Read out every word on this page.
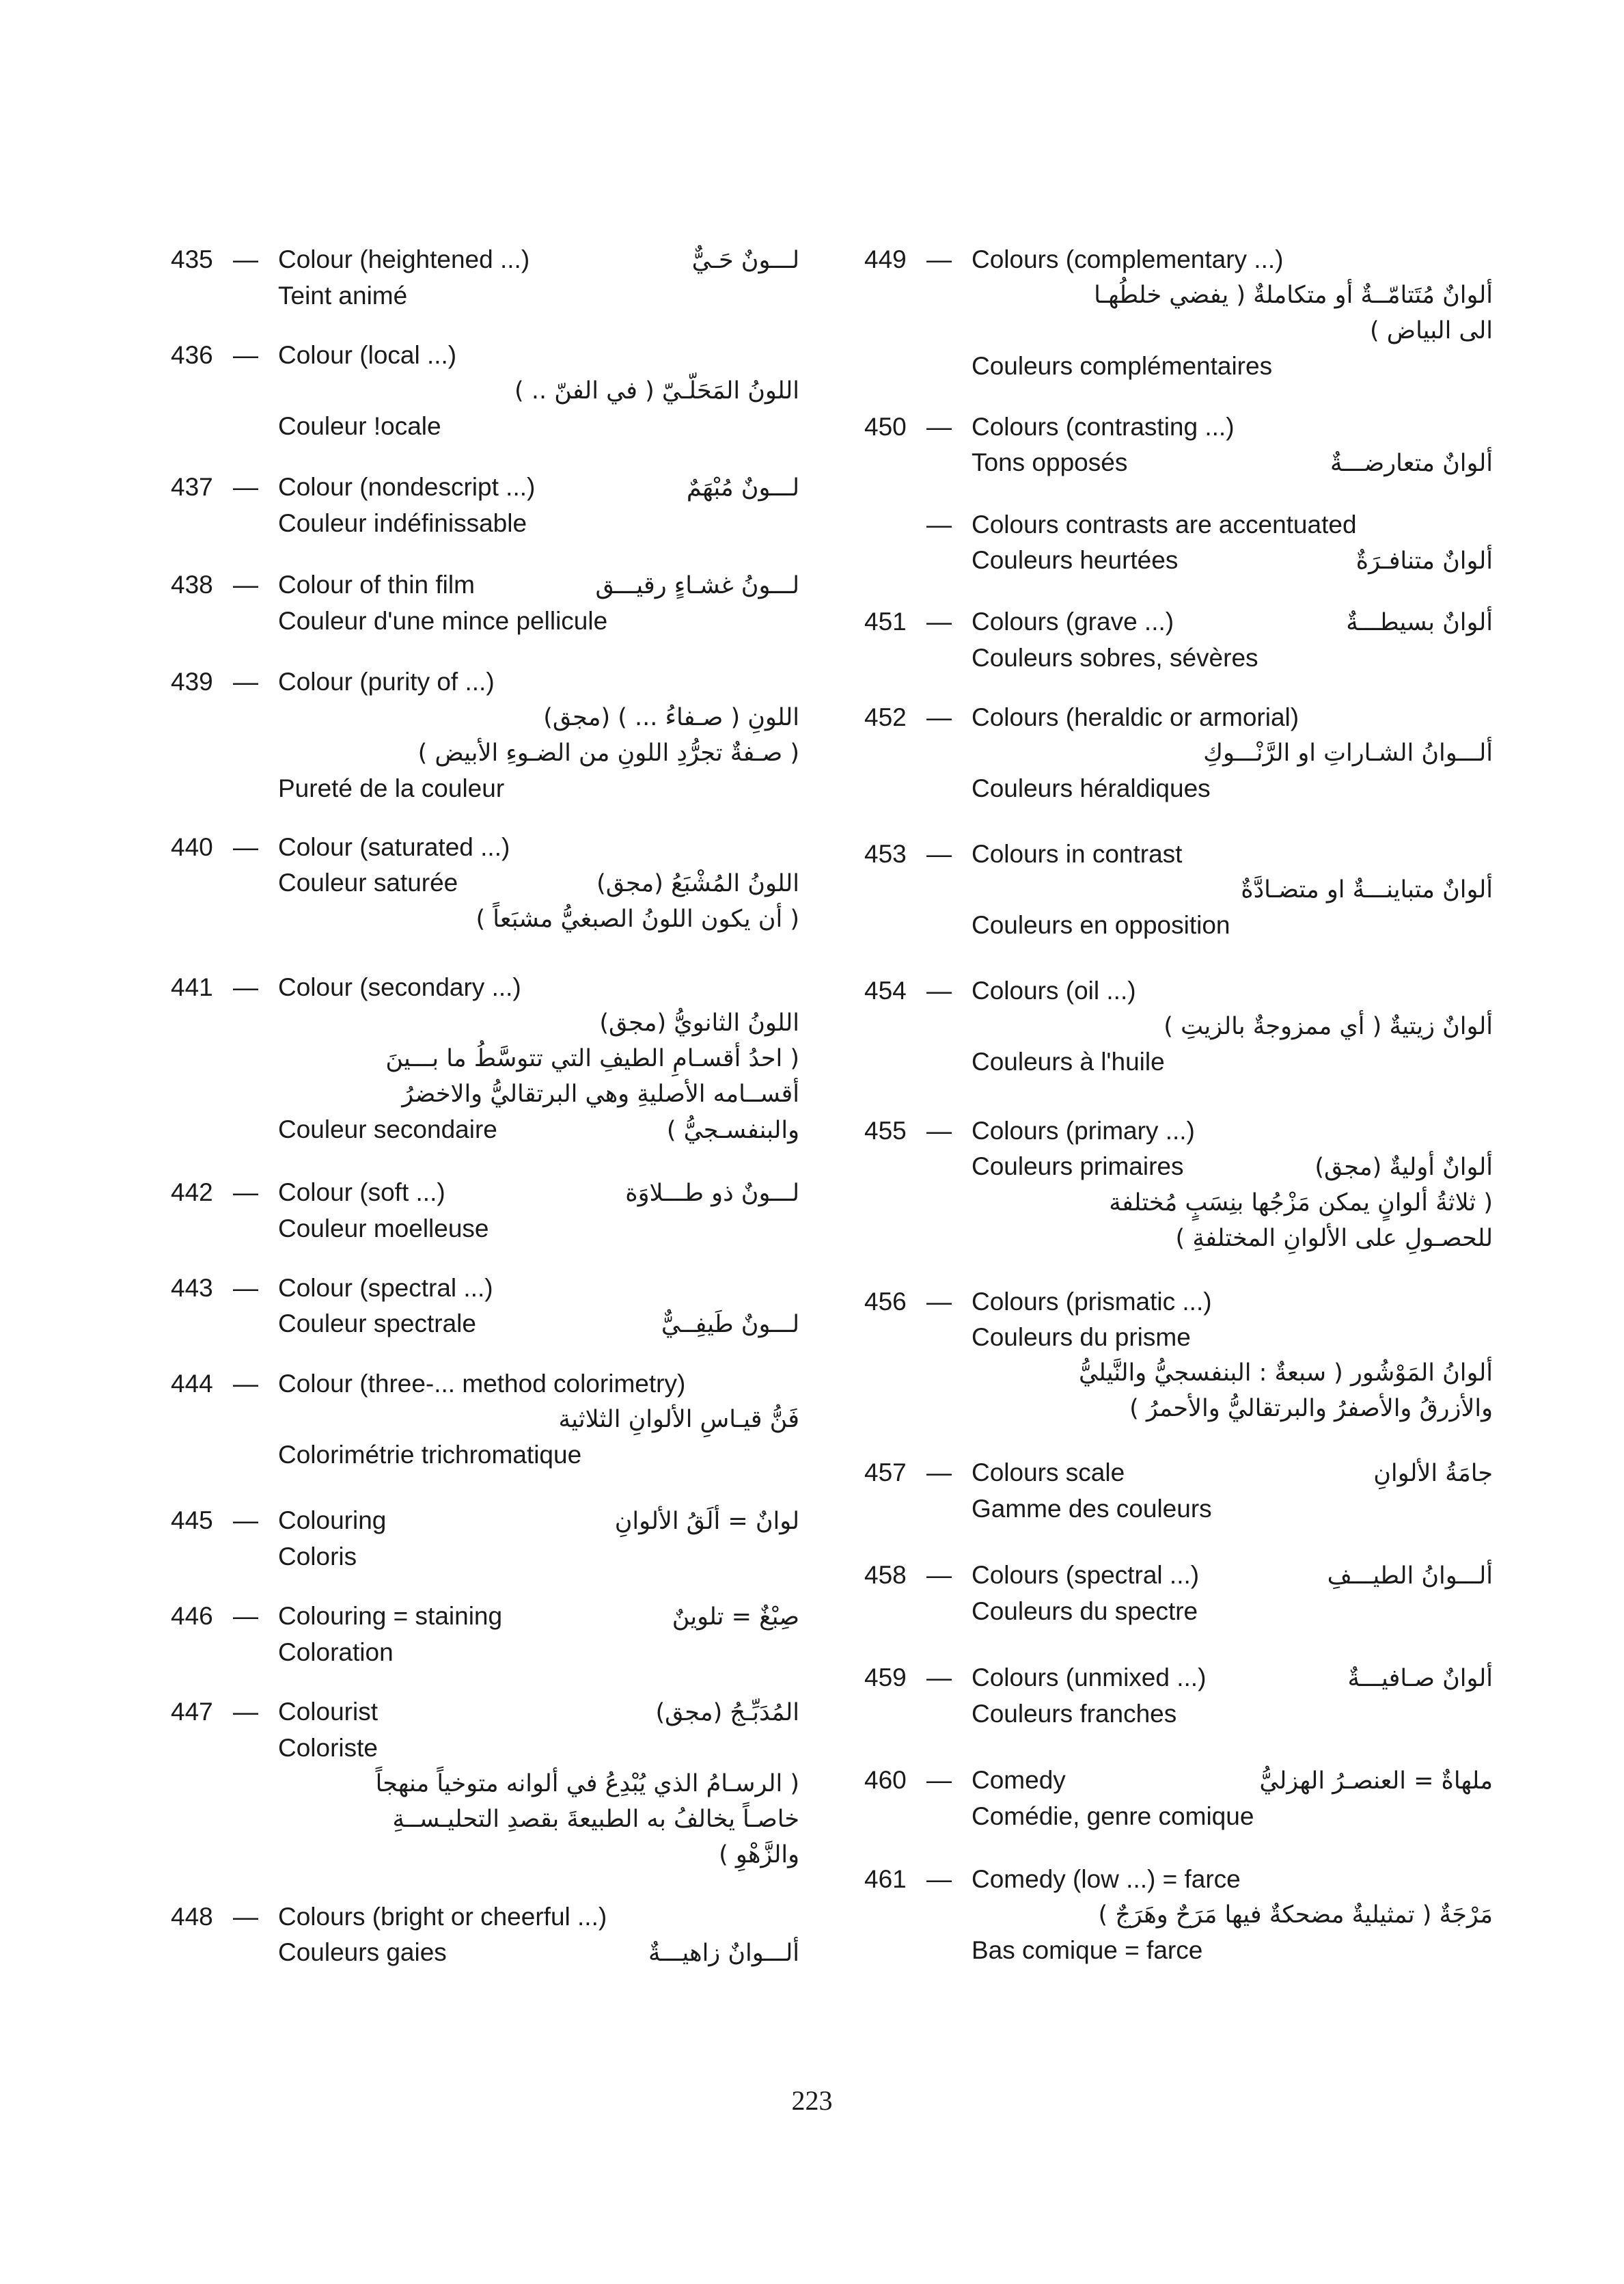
435 — Colour (heightened ...)	لـــونٌ حَـيٌّ
Teint animé
436 — Colour (local ...)
اللونُ المَحَلّـيّ ( في الفنّ .. )
Couleur !ocale
437 — Colour (nondescript ...)	لـــونٌ مُبْهَمٌ
Couleur indéfinissable
438 — Colour of thin film	لـــونُ غشـاءٍ رقيـــق
Couleur d'une mince pellicule
439 — Colour (purity of ...)
اللونِ ( صـفاءُ ... ) (مجق)
( صـفةٌ تجرُّدِ اللونِ من الضـوءِ الأبيض )
Pureté de la couleur
440 — Colour (saturated ...)
Couleur saturée	اللونُ المُشْبَعُ (مجق)
( أن يكون اللونُ الصبغيُّ مشبَعاً )
441 — Colour (secondary ...)
اللونُ الثانويُّ (مجق)
( احدُ أقسـامِ الطيفِ التي تتوسَّطُ ما بـــينَ
أقســامه الأصليةِ وهي البرتقاليُّ والاخضرُ
Couleur secondaire	والبنفسـجيُّ )
442 — Colour (soft ...)	لـــونٌ ذو طـــلاوَة
Couleur moelleuse
443 — Colour (spectral ...)
Couleur spectrale	لـــونٌ طَيفِــيٌّ
444 — Colour (three-... method colorimetry)
فَنُّ قيـاسِ الألوانِ الثلاثية
Colorimétrie trichromatique
445 — Colouring	لوانٌ = ألَقُ الألوانِ
Coloris
446 — Colouring = staining	صِبْغٌ = تلوينٌ
Coloration
447 — Colourist	المُدَبِّـجُ (مجق)
Coloriste
( الرسـامُ الذي يُبْدِعُ في ألوانه متوخياً منهجاً
خاصـاً يخالفُ به الطبيعةَ بقصدِ التحليـســةِ
والزَّهْوِ )
448 — Colours (bright or cheerful ...)
Couleurs gaies	ألـــوانٌ زاهيـــةٌ
449 — Colours (complementary ...)
ألوانٌ مُتَتامّــةٌ أو متكاملةٌ ( يفضي خلطُهـا
الى البياض )
Couleurs complémentaires
450 — Colours (contrasting ...)
Tons opposés	ألوانٌ متعارضـــةٌ
— Colours contrasts are accentuated
Couleurs heurtées	ألوانٌ متنافـرَةٌ
451 — Colours (grave ...)	ألوانٌ بسيطـــةٌ
Couleurs sobres, sévères
452 — Colours (heraldic or armorial)
ألـــوانُ الشـاراتِ او الرَّنْـــوكِ
Couleurs héraldiques
453 — Colours in contrast
ألوانٌ متباينـــةٌ او متضـادَّةٌ
Couleurs en opposition
454 — Colours (oil ...)
ألوانٌ زيتيةٌ ( أي ممزوجةٌ بالزيتِ )
Couleurs à l'huile
455 — Colours (primary ...)
Couleurs primaires	ألوانٌ أوليةٌ (مجق)
( ثلاثةُ ألوانٍ يمكن مَزْجُها بنِسَبٍ مُختلفة
للحصـولِ على الألوانِ المختلفةِ )
456 — Colours (prismatic ...)
Couleurs du prisme
ألوانُ المَوْشُور ( سبعةٌ : البنفسجيُّ والنَّيليُّ
والأزرقُ والأصفرُ والبرتقاليُّ والأحمرُ )
457 — Colours scale	جامَةُ الألوانِ
Gamme des couleurs
458 — Colours (spectral ...)	ألـــوانُ الطيـــفِ
Couleurs du spectre
459 — Colours (unmixed ...)	ألوانٌ صـافيـــةٌ
Couleurs franches
460 — Comedy	ملهاةٌ = العنصـرُ الهزليُّ
Comédie, genre comique
461 — Comedy (low ...) = farce
مَرْجَةٌ ( تمثيليةٌ مضحكةٌ فيها مَرَحٌ وهَرَجٌ )
Bas comique = farce
223
